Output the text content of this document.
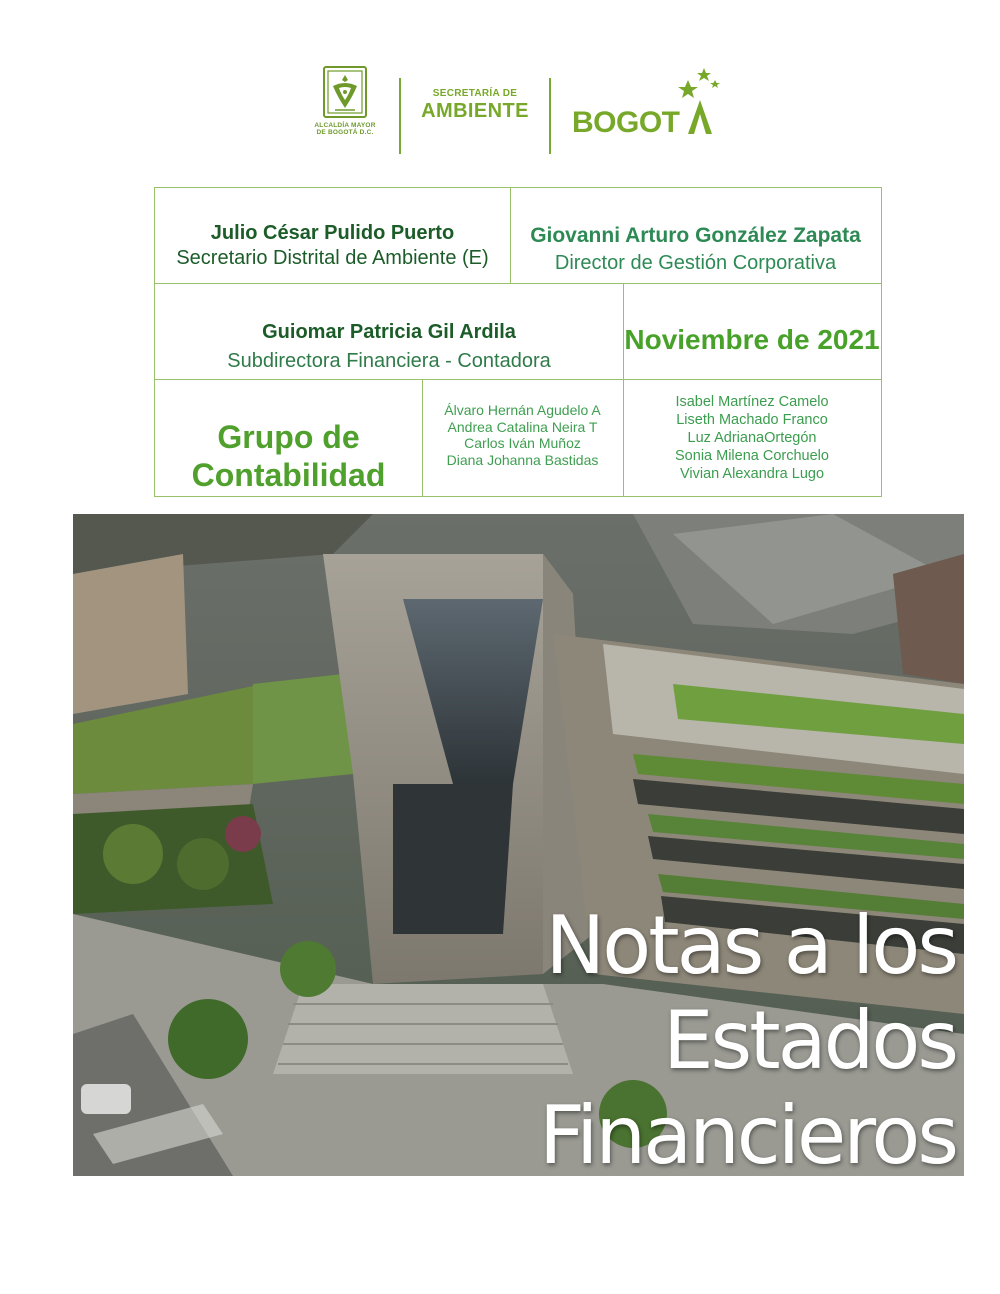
ALCALDÍA MAYOR
DE BOGOTÁ D.C.
SECRETARÍA DE
AMBIENTE	BOGOT
Julio César Pulido Puerto
Secretario Distrital de Ambiente (E)
Giovanni Arturo González Zapata
Director de Gestión Corporativa
Guiomar Patricia Gil Ardila
Subdirectora Financiera - Contadora
Noviembre de 2021
Grupo de
Contabilidad
Álvaro Hernán Agudelo A
Andrea Catalina Neira T
Carlos Iván Muñoz
Diana Johanna Bastidas
Isabel Martínez Camelo
Liseth Machado Franco
Luz AdrianaOrtegón
Sonia Milena Corchuelo
Vivian Alexandra Lugo
Notas a los
Estados
Financieros
